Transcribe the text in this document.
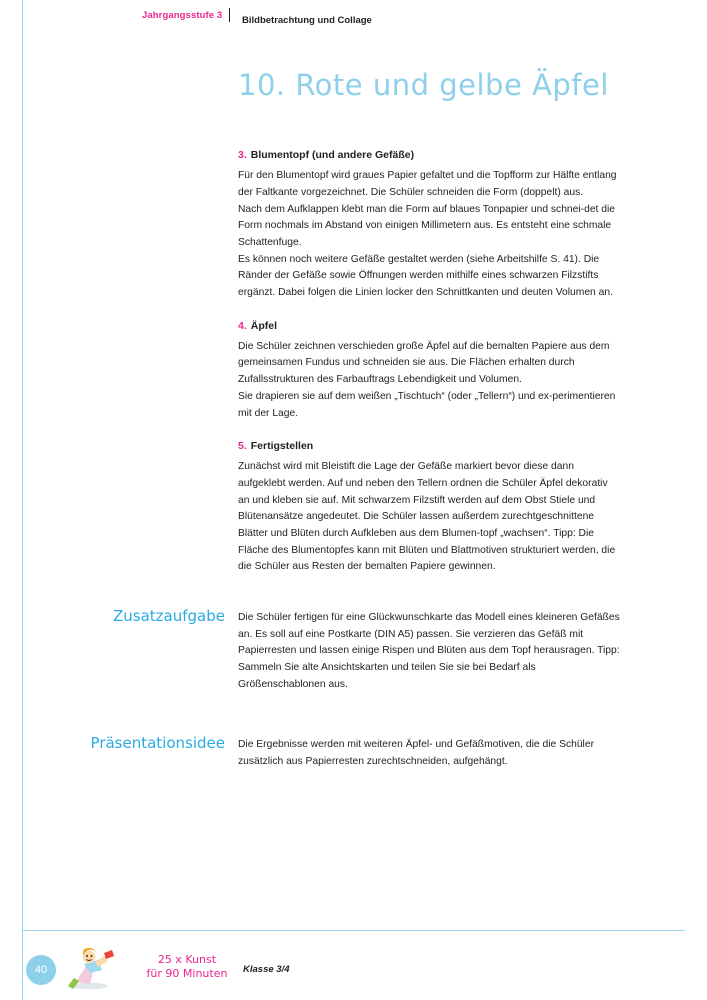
Jahrgangsstufe 3	Bildbetrachtung und Collage
10. Rote und gelbe Äpfel
3. Blumentopf (und andere Gefäße)

Für den Blumentopf wird graues Papier gefaltet und die Topfform zur Hälfte entlang der Faltkante vorgezeichnet. Die Schüler schneiden die Form (doppelt) aus.

Nach dem Aufklappen klebt man die Form auf blaues Tonpapier und schnei-det die Form nochmals im Abstand von einigen Millimetern aus. Es entsteht eine schmale Schattenfuge.

Es können noch weitere Gefäße gestaltet werden (siehe Arbeitshilfe S. 41). Die Ränder der Gefäße sowie Öffnungen werden mithilfe eines schwarzen Filzstifts ergänzt. Dabei folgen die Linien locker den Schnittkanten und deuten Volumen an.

4. Äpfel

Die Schüler zeichnen verschieden große Äpfel auf die bemalten Papiere aus dem gemeinsamen Fundus und schneiden sie aus. Die Flächen erhalten durch Zufallsstrukturen des Farbauftrags Lebendigkeit und Volumen.

Sie drapieren sie auf dem weißen „Tischtuch“ (oder „Tellern“) und ex-perimentieren mit der Lage.

5. Fertigstellen

Zunächst wird mit Bleistift die Lage der Gefäße markiert bevor diese dann aufgeklebt werden. Auf und neben den Tellern ordnen die Schüler Äpfel dekorativ an und kleben sie auf. Mit schwarzem Filzstift werden auf dem Obst Stiele und Blütenansätze angedeutet. Die Schüler lassen außerdem zurechtgeschnittene Blätter und Blüten durch Aufkleben aus dem Blumen-topf „wachsen“. Tipp: Die Fläche des Blumentopfes kann mit Blüten und Blattmotiven strukturiert werden, die die Schüler aus Resten der bemalten Papiere gewinnen.

Zusatzaufgabe Die Schüler fertigen für eine Glückwunschkarte das Modell eines kleineren Gefäßes an. Es soll auf eine Postkarte (DIN A5) passen. Sie verzieren das Gefäß mit Papierresten und lassen einige Rispen und Blüten aus dem Topf herausragen. Tipp: Sammeln Sie alte Ansichtskarten und teilen Sie sie bei Bedarf als Größenschablonen aus.

Präsentationsidee Die Ergebnisse werden mit weiteren Äpfel- und Gefäßmotiven, die die Schüler zusätzlich aus Papierresten zurechtschneiden, aufgehängt.

40
25 x Kunst
für 90 Minuten Klasse 3/4
